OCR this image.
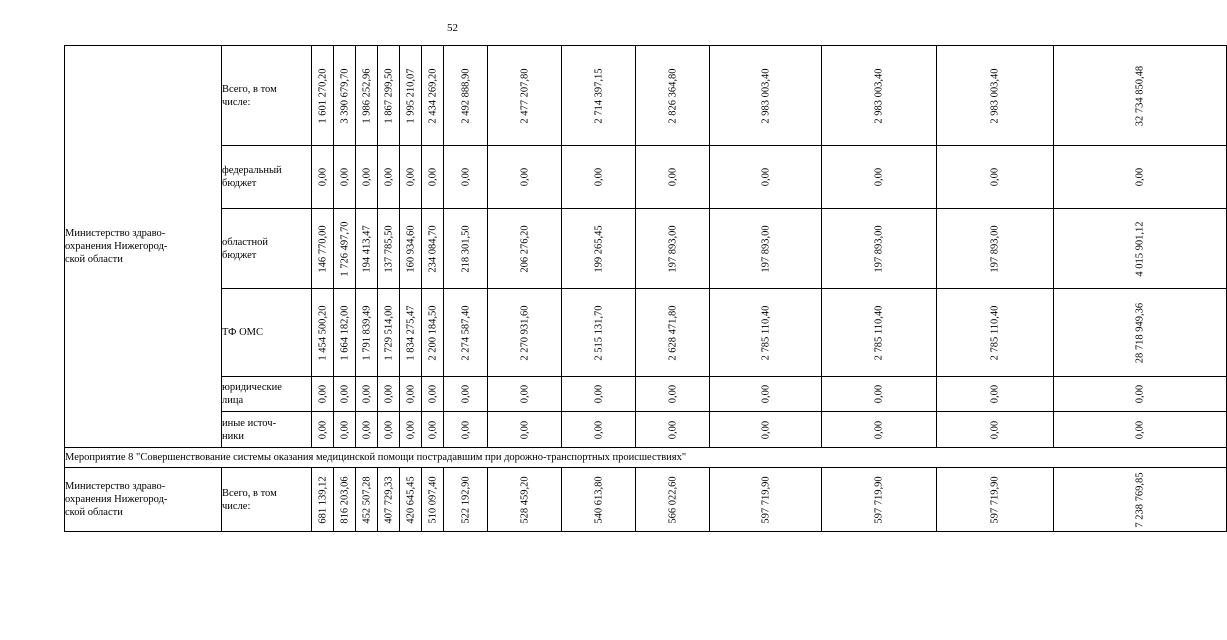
52
Министерство здраво-
охранения Нижегород-
ской области	Всего, в том
числе:	1 601 270,20	3 390 679,70	1 986 252,96	1 867 299,50	1 995 210,07	2 434 269,20	2 492 888,90	2 477 207,80	2 714 397,15	2 826 364,80	2 983 003,40	2 983 003,40	2 983 003,40	32 734 850,48

	федеральный
бюджет	0,00	0,00	0,00	0,00	0,00	0,00	0,00	0,00	0,00	0,00	0,00	0,00	0,00	0,00

	областной
бюджет	146 770,00	1 726 497,70	194 413,47	137 785,50	160 934,60	234 084,70	218 301,50	206 276,20	199 265,45	197 893,00	197 893,00	197 893,00	197 893,00	4 015 901,12

	ТФ ОМС	1 454 500,20	1 664 182,00	1 791 839,49	1 729 514,00	1 834 275,47	2 200 184,50	2 274 587,40	2 270 931,60	2 515 131,70	2 628 471,80	2 785 110,40	2 785 110,40	2 785 110,40	28 718 949,36

	юридические
лица	0,00	0,00	0,00	0,00	0,00	0,00	0,00	0,00	0,00	0,00	0,00	0,00	0,00	0,00

	иные источ-
ники	0,00	0,00	0,00	0,00	0,00	0,00	0,00	0,00	0,00	0,00	0,00	0,00	0,00	0,00

Мероприятие 8 "Совершенствование системы оказания медицинской помощи пострадавшим при дорожно-транспортных происшествиях"															
Министерство здраво-
охранения Нижегород-
ской области	Всего, в том
числе:	681 139,12	816 203,06	452 507,28	407 729,33	420 645,45	510 097,40	522 192,90	528 459,20	540 613,80	566 022,60	597 719,90	597 719,90	597 719,90	7 238 769,85
